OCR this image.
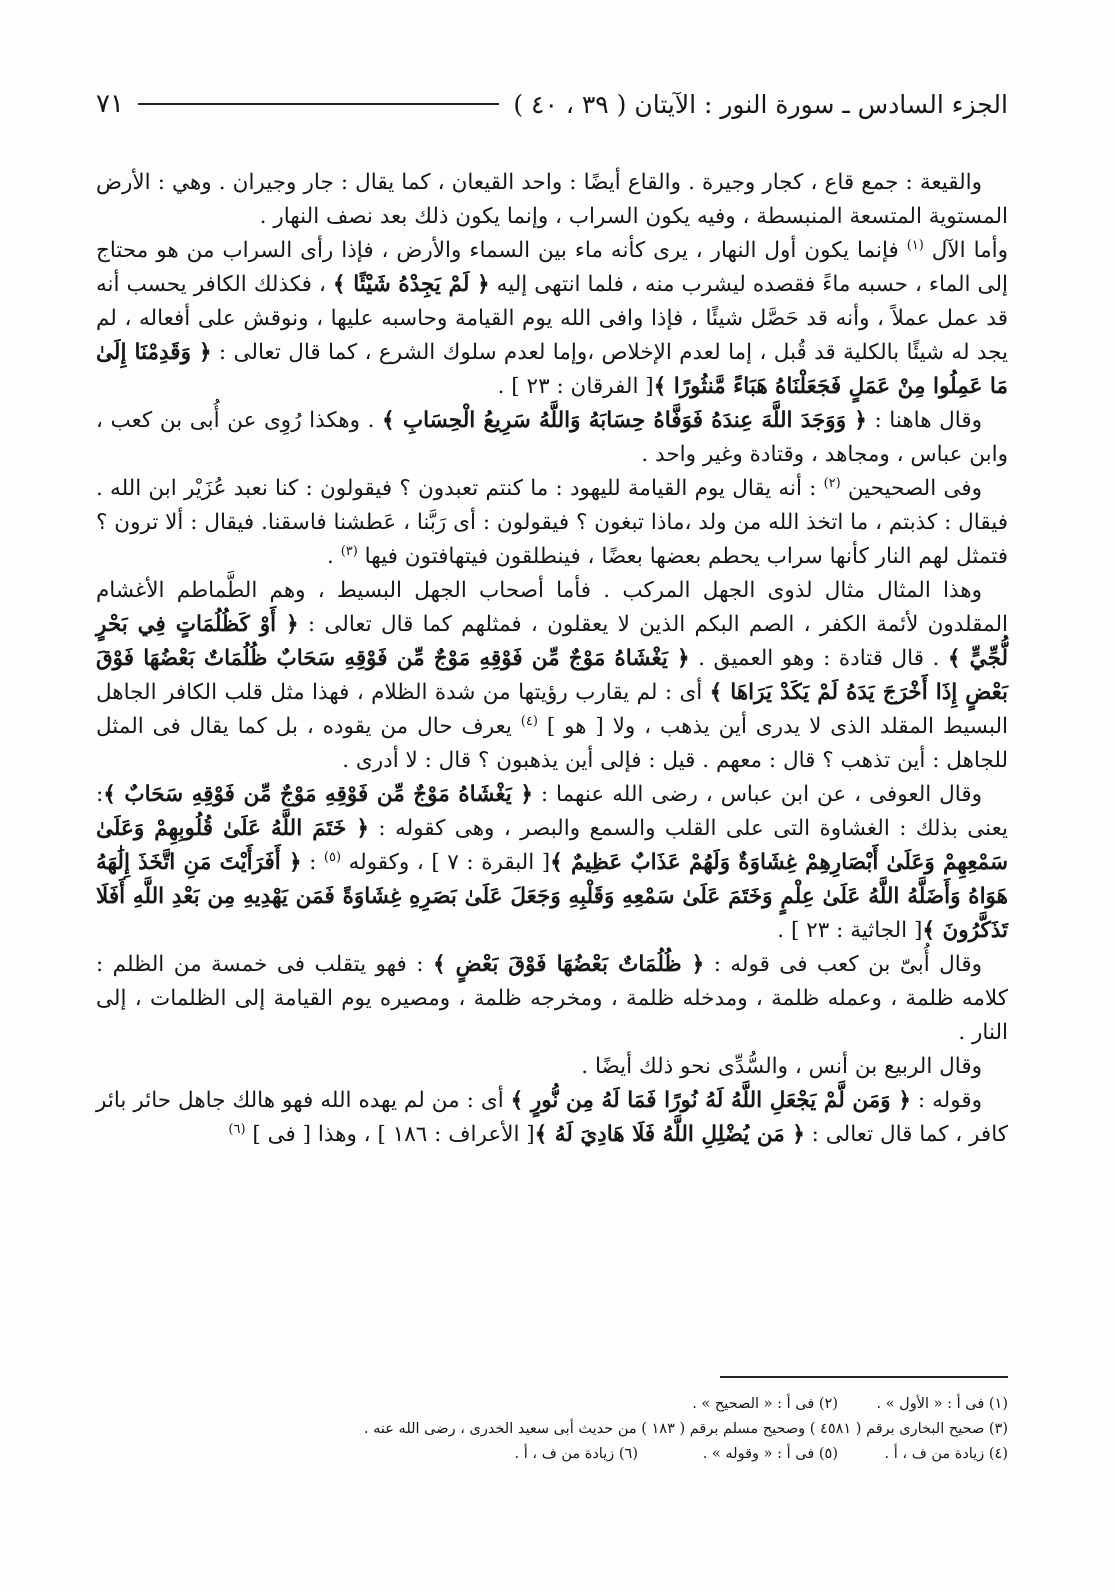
الجزء السادس ـ سورة النور : الآيتان ( ٣٩ ، ٤٠ )
٧١

والقيعة : جمع قاع ، كجار وجيرة . والقاع أيضًا : واحد القيعان ، كما يقال : جار وجيران . وهي : الأرض المستوية المتسعة المنبسطة ، وفيه يكون السراب ، وإنما يكون ذلك بعد نصف النهار .

وأما الآل $^{(١)}$ فإنما يكون أول النهار ، يرى كأنه ماء بين السماء والأرض ، فإذا رأى السراب من هو محتاج إلى الماء ، حسبه ماءً فقصده ليشرب منه ، فلما انتهى إليه ﴿ لَمْ يَجِدْهُ شَيْئًا ﴾ ، فكذلك الكافر يحسب أنه قد عمل عملاً ، وأنه قد حَصَّل شيئًا ، فإذا وافى الله يوم القيامة وحاسبه عليها ، ونوقش على أفعاله ، لم يجد له شيئًا بالكلية قد قُبل ، إما لعدم الإخلاص ،وإما لعدم سلوك الشرع ، كما قال تعالى : ﴿ وَقَدِمْنَا إِلَىٰ مَا عَمِلُوا مِنْ عَمَلٍ فَجَعَلْنَاهُ هَبَاءً مَّنثُورًا ﴾[ الفرقان : ٢٣ ] .

وقال هاهنا : ﴿ وَوَجَدَ اللَّهَ عِندَهُ فَوَفَّاهُ حِسَابَهُ وَاللَّهُ سَرِيعُ الْحِسَابِ ﴾ . وهكذا رُوِى عن أُبى بن كعب ، وابن عباس ، ومجاهد ، وقتادة وغير واحد .

وفى الصحيحين $^{(٢)}$ : أنه يقال يوم القيامة لليهود : ما كنتم تعبدون ؟ فيقولون : كنا نعبد عُزَيْر ابن الله . فيقال : كذبتم ، ما اتخذ الله من ولد ،ماذا تبغون ؟ فيقولون : أى رَبَّنا ، عَطشنا فاسقنا. فيقال : ألا ترون ؟ فتمثل لهم النار كأنها سراب يحطم بعضها بعضًا ، فينطلقون فيتهافتون فيها $^{(٣)}$ .

وهذا المثال مثال لذوى الجهل المركب . فأما أصحاب الجهل البسيط ، وهم الطَّماطم الأغشام المقلدون لأئمة الكفر ، الصم البكم الذين لا يعقلون ، فمثلهم كما قال تعالى : ﴿ أَوْ كَظُلُمَاتٍ فِي بَحْرٍ لُّجِّيٍّ ﴾ . قال قتادة : وهو العميق . ﴿ يَغْشَاهُ مَوْجٌ مِّن فَوْقِهِ مَوْجٌ مِّن فَوْقِهِ سَحَابٌ ظُلُمَاتٌ بَعْضُهَا فَوْقَ بَعْضٍ إِذَا أَخْرَجَ يَدَهُ لَمْ يَكَدْ يَرَاهَا ﴾ أى : لم يقارب رؤيتها من شدة الظلام ، فهذا مثل قلب الكافر الجاهل البسيط المقلد الذى لا يدرى أين يذهب ، ولا [ هو ] $^{(٤)}$ يعرف حال من يقوده ، بل كما يقال فى المثل للجاهل : أين تذهب ؟ قال : معهم . قيل : فإلى أين يذهبون ؟ قال : لا أدرى .

وقال العوفى ، عن ابن عباس ، رضى الله عنهما : ﴿ يَغْشَاهُ مَوْجٌ مِّن فَوْقِهِ مَوْجٌ مِّن فَوْقِهِ سَحَابٌ ﴾: يعنى بذلك : الغشاوة التى على القلب والسمع والبصر ، وهى كقوله : ﴿ خَتَمَ اللَّهُ عَلَىٰ قُلُوبِهِمْ وَعَلَىٰ سَمْعِهِمْ وَعَلَىٰ أَبْصَارِهِمْ غِشَاوَةٌ وَلَهُمْ عَذَابٌ عَظِيمٌ ﴾[ البقرة : ٧ ] ، وكقوله $^{(٥)}$ : ﴿ أَفَرَأَيْتَ مَنِ اتَّخَذَ إِلَٰهَهُ هَوَاهُ وَأَضَلَّهُ اللَّهُ عَلَىٰ عِلْمٍ وَخَتَمَ عَلَىٰ سَمْعِهِ وَقَلْبِهِ وَجَعَلَ عَلَىٰ بَصَرِهِ غِشَاوَةً فَمَن يَهْدِيهِ مِن بَعْدِ اللَّهِ أَفَلَا تَذَكَّرُونَ ﴾[ الجاثية : ٢٣ ] .

وقال أُبىّ بن كعب فى قوله : ﴿ ظُلُمَاتٌ بَعْضُهَا فَوْقَ بَعْضٍ ﴾ : فهو يتقلب فى خمسة من الظلم : كلامه ظلمة ، وعمله ظلمة ، ومدخله ظلمة ، ومخرجه ظلمة ، ومصيره يوم القيامة إلى الظلمات ، إلى النار .

وقال الربيع بن أنس ، والسُّدِّى نحو ذلك أيضًا .

وقوله : ﴿ وَمَن لَّمْ يَجْعَلِ اللَّهُ لَهُ نُورًا فَمَا لَهُ مِن نُّورٍ ﴾ أى : من لم يهده الله فهو هالك جاهل حائر بائر كافر ، كما قال تعالى : ﴿ مَن يُضْلِلِ اللَّهُ فَلَا هَادِيَ لَهُ ﴾[ الأعراف : ١٨٦ ] ، وهذا [ فى ] $^{(٦)}$

(١) فى أ : « الأول » .
(٢) فى أ : « الصحيح » .
(٣) صحيح البخارى برقم ( ٤٥٨١ ) وصحيح مسلم برقم ( ١٨٣ ) من حديث أبى سعيد الخدرى ، رضى الله عنه .
(٤) زيادة من ف ، أ .
(٥) فى أ : « وقوله » .
(٦) زيادة من ف ، أ .
